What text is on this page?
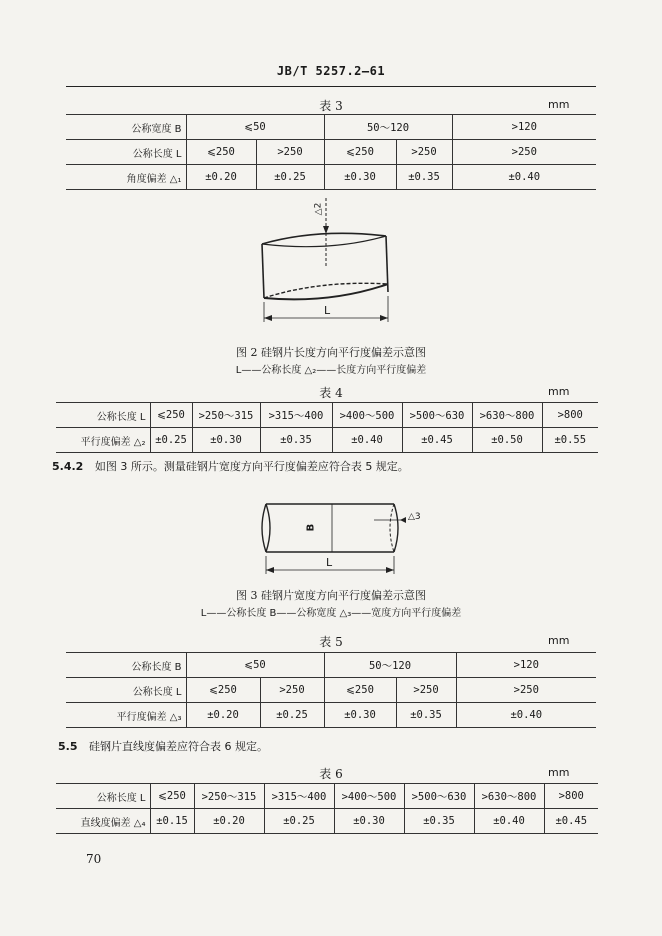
JB/T 5257.2—61
表 3	mm
公称宽度 B	⩽50		50～120		>120
公称长度 L	⩽250	>250	⩽250	>250	>250
角度偏差 △₁	±0.20	±0.25	±0.30	±0.35	±0.40
△2
L
图 2 硅钢片长度方向平行度偏差示意图
L——公称长度 △₂——长度方向平行度偏差
表 4	mm
公称长度 L	⩽250	>250～315	>315～400	>400～500	>500～630	>630～800	>800
平行度偏差 △₂	±0.25	±0.30	±0.35	±0.40	±0.45	±0.50	±0.55
5.4.2 如图 3 所示。测量硅钢片宽度方向平行度偏差应符合表 5 规定。
B
△3
L
图 3 硅钢片宽度方向平行度偏差示意图
L——公称长度 B——公称宽度 △₃——宽度方向平行度偏差
表 5	mm
公称长度 B	⩽50		50～120		>120
公称长度 L	⩽250	>250	⩽250	>250	>250
平行度偏差 △₃	±0.20	±0.25	±0.30	±0.35	±0.40
5.5 硅钢片直线度偏差应符合表 6 规定。
表 6	mm
公称长度 L	⩽250	>250～315	>315～400	>400～500	>500～630	>630～800	>800
直线度偏差 △₄	±0.15	±0.20	±0.25	±0.30	±0.35	±0.40	±0.45
70
